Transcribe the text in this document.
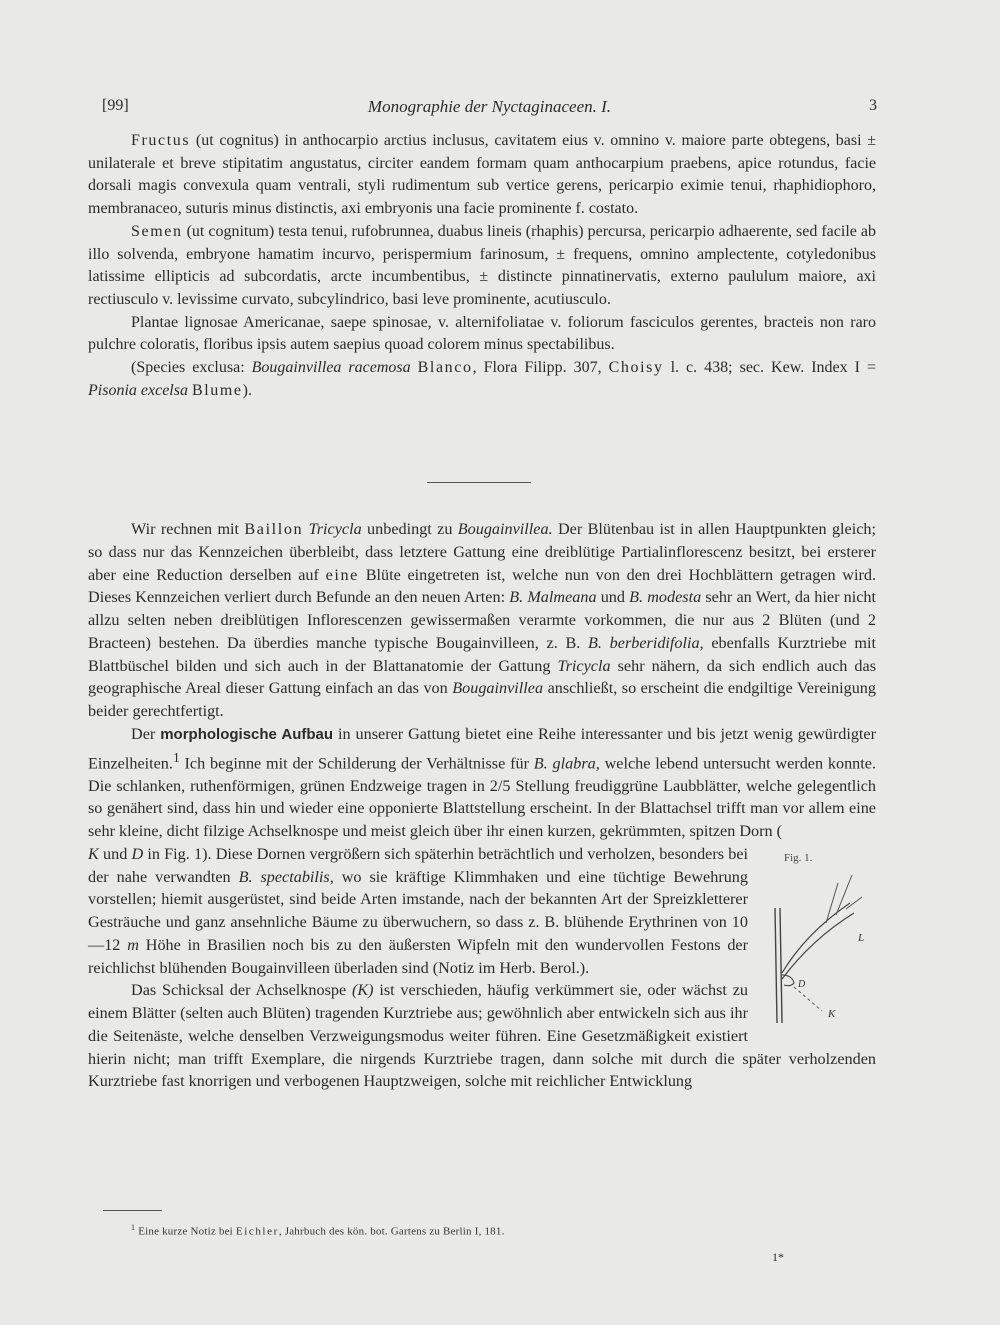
[99]	Monographie der Nyctaginaceen. I.	3

Fructus (ut cognitus) in anthocarpio arctius inclusus, cavitatem eius v. omnino v. maiore parte obtegens, basi ± unilaterale et breve stipitatim angustatus, circiter eandem formam quam anthocarpium praebens, apice rotundus, facie dorsali magis convexula quam ventrali, styli rudimentum sub vertice gerens, pericarpio eximie tenui, rhaphidiophoro, membranaceo, suturis minus distinctis, axi embryonis una facie prominente f. costato.

Semen (ut cognitum) testa tenui, rufobrunnea, duabus lineis (rhaphis) percursa, pericarpio adhaerente, sed facile ab illo solvenda, embryone hamatim incurvo, perispermium farinosum, ± frequens, omnino amplectente, cotyledonibus latissime ellipticis ad subcordatis, arcte incumbentibus, ± distincte pinnatinervatis, externo paululum maiore, axi rectiusculo v. levissime curvato, subcylindrico, basi leve prominente, acutiusculo.

Plantae lignosae Americanae, saepe spinosae, v. alternifoliatae v. foliorum fasciculos gerentes, bracteis non raro pulchre coloratis, floribus ipsis autem saepius quoad colorem minus spectabilibus.

(Species exclusa: Bougainvillea racemosa Blanco, Flora Filipp. 307, Choisy l. c. 438; sec. Kew. Index I = Pisonia excelsa Blume).

Wir rechnen mit Baillon Tricycla unbedingt zu Bougainvillea. Der Blütenbau ist in allen Hauptpunkten gleich; so dass nur das Kennzeichen überbleibt, dass letztere Gattung eine dreiblütige Partialinflorescenz besitzt, bei ersterer aber eine Reduction derselben auf eine Blüte eingetreten ist, welche nun von den drei Hochblättern getragen wird. Dieses Kennzeichen verliert durch Befunde an den neuen Arten: B. Malmeana und B. modesta sehr an Wert, da hier nicht allzu selten neben dreiblütigen Inflorescenzen gewissermaßen verarmte vorkommen, die nur aus 2 Blüten (und 2 Bracteen) bestehen. Da überdies manche typische Bougainvilleen, z. B. B. berberidifolia, ebenfalls Kurztriebe mit Blattbüschel bilden und sich auch in der Blattanatomie der Gattung Tricycla sehr nähern, da sich endlich auch das geographische Areal dieser Gattung einfach an das von Bougainvillea anschließt, so erscheint die endgiltige Vereinigung beider gerechtfertigt.

Der morphologische Aufbau in unserer Gattung bietet eine Reihe interessanter und bis jetzt wenig gewürdigter Einzelheiten.$^1$ Ich beginne mit der Schilderung der Verhältnisse für B. glabra, welche lebend untersucht werden konnte. Die schlanken, ruthenförmigen, grünen Endzweige tragen in 2/5 Stellung freudiggrüne Laubblätter, welche gelegentlich so genähert sind, dass hin und wieder eine opponierte Blattstellung erscheint. In der Blattachsel trifft man vor allem eine sehr kleine, dicht filzige Achselknospe und meist gleich über ihr einen kurzen, gekrümmten, spitzen Dorn (

Fig. 1.
L
D
K
K und D in Fig. 1). Diese Dornen vergrößern sich späterhin beträchtlich und verholzen, besonders bei der nahe verwandten B. spectabilis, wo sie kräftige Klimmhaken und eine tüchtige Bewehrung vorstellen; hiemit ausgerüstet, sind beide Arten imstande, nach der bekannten Art der Spreizkletterer Gesträuche und ganz ansehnliche Bäume zu überwuchern, so dass z. B. blühende Erythrinen von 10—12 m Höhe in Brasilien noch bis zu den äußersten Wipfeln mit den wundervollen Festons der reichlichst blühenden Bougainvilleen überladen sind (Notiz im Herb. Berol.).

Das Schicksal der Achselknospe (K) ist verschieden, häufig verkümmert sie, oder wächst zu einem Blätter (selten auch Blüten) tragenden Kurztriebe aus; gewöhnlich aber entwickeln sich aus ihr die Seitenäste, welche denselben Verzweigungsmodus weiter führen. Eine Gesetzmäßigkeit existiert hierin nicht; man trifft Exemplare, die nirgends Kurztriebe tragen, dann solche mit durch die später verholzenden Kurztriebe fast knorrigen und verbogenen Hauptzweigen, solche mit reichlicher Entwicklung

$^1$ Eine kurze Notiz bei Eichler, Jahrbuch des kön. bot. Gartens zu Berlin I, 181.
1*
